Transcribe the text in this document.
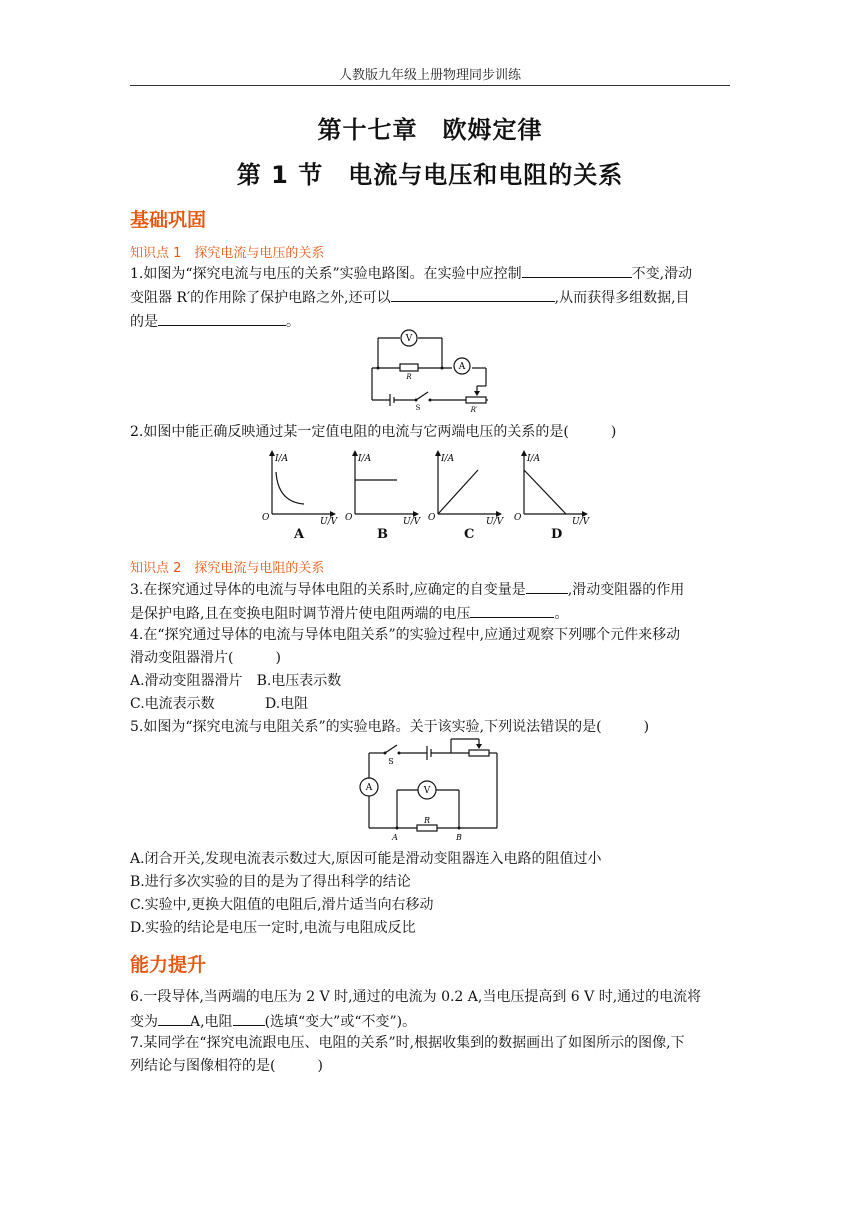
人教版九年级上册物理同步训练
第十七章　欧姆定律
第 1 节　电流与电压和电阻的关系
基础巩固
知识点 1　探究电流与电压的关系
1.如图为“探究电流与电压的关系”实验电路图。在实验中应控制	不变,滑动
变阻器 R′的作用除了保护电路之外,还可以	,从而获得多组数据,目
的是	。
V
A
R
S	R′
2.如图中能正确反映通过某一定值电阻的电流与它两端电压的关系的是(　　　)
I/A
U/V
O
A
I/A
U/V
O
B
I/A
U/V
O
C
I/A
U/V
O
D
知识点 2　探究电流与电阻的关系
3.在探究通过导体的电流与导体电阻的关系时,应确定的自变量是	,滑动变阻器的作用
是保护电路,且在变换电阻时调节滑片使电阻两端的电压	。
4.在“探究通过导体的电流与导体电阻关系”的实验过程中,应通过观察下列哪个元件来移动
滑动变阻器滑片(　　　)
A.滑动变阻器滑片 B.电压表示数
C.电流表示数	D.电阻
5.如图为“探究电流与电阻关系”的实验电路。关于该实验,下列说法错误的是(　　　)
S
A	V
R
A	B
A.闭合开关,发现电流表示数过大,原因可能是滑动变阻器连入电路的阻值过小
B.进行多次实验的目的是为了得出科学的结论
C.实验中,更换大阻值的电阻后,滑片适当向右移动
D.实验的结论是电压一定时,电流与电阻成反比
能力提升
6.一段导体,当两端的电压为 2 V 时,通过的电流为 0.2 A,当电压提高到 6 V 时,通过的电流将
变为 A,电阻 (选填“变大”或“不变”)。
7.某同学在“探究电流跟电压、电阻的关系”时,根据收集到的数据画出了如图所示的图像,下
列结论与图像相符的是(　　　)
